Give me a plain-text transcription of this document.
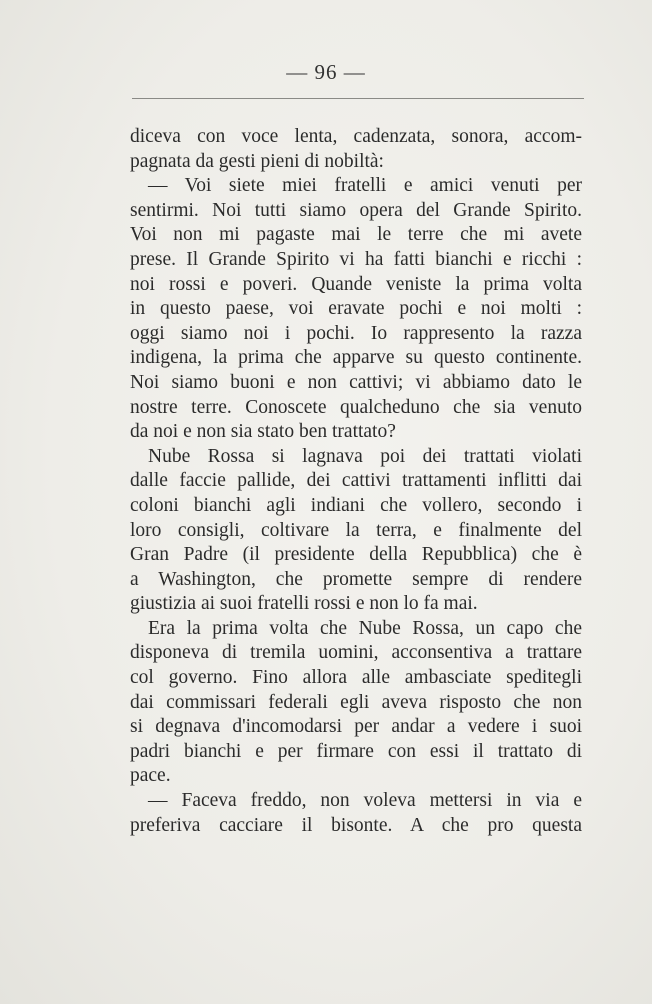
— 96 —
diceva con voce lenta, cadenzata, sonora, accom-
pagnata da gesti pieni di nobiltà:
— Voi siete miei fratelli e amici venuti per
sentirmi. Noi tutti siamo opera del Grande Spirito.
Voi non mi pagaste mai le terre che mi avete
prese. Il Grande Spirito vi ha fatti bianchi e ricchi :
noi rossi e poveri. Quande veniste la prima volta
in questo paese, voi eravate pochi e noi molti :
oggi siamo noi i pochi. Io rappresento la razza
indigena, la prima che apparve su questo continente.
Noi siamo buoni e non cattivi; vi abbiamo dato le
nostre terre. Conoscete qualcheduno che sia venuto
da noi e non sia stato ben trattato?
Nube Rossa si lagnava poi dei trattati violati
dalle faccie pallide, dei cattivi trattamenti inflitti dai
coloni bianchi agli indiani che vollero, secondo i
loro consigli, coltivare la terra, e finalmente del
Gran Padre (il presidente della Repubblica) che è
a Washington, che promette sempre di rendere
giustizia ai suoi fratelli rossi e non lo fa mai.
Era la prima volta che Nube Rossa, un capo che
disponeva di tremila uomini, acconsentiva a trattare
col governo. Fino allora alle ambasciate speditegli
dai commissari federali egli aveva risposto che non
si degnava d'incomodarsi per andar a vedere i suoi
padri bianchi e per firmare con essi il trattato di
pace.
— Faceva freddo, non voleva mettersi in via e
preferiva cacciare il bisonte. A che pro questa
